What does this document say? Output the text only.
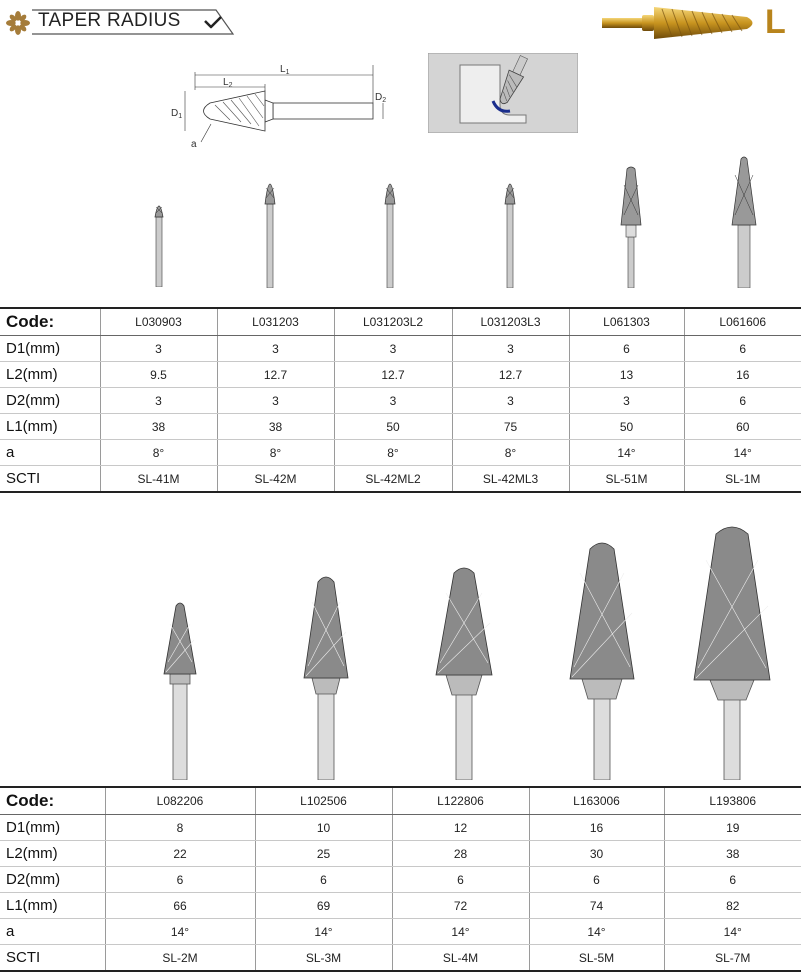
TAPER RADIUS	L
$L_1$
$L_2$
$D_1$
$D_2$
a
Code:	L030903	L031203	L031203L2	L031203L3	L061303	L061606
D1(mm)	3	3	3	3	6	6
L2(mm)	9.5	12.7	12.7	12.7	13	16
D2(mm)	3	3	3	3	3	6
L1(mm)	38	38	50	75	50	60
a	8°	8°	8°	8°	14°	14°
SCTI	SL-41M	SL-42M	SL-42ML2	SL-42ML3	SL-51M	SL-1M
Code:	L082206	L102506	L122806	L163006	L193806
D1(mm)	8	10	12	16	19
L2(mm)	22	25	28	30	38
D2(mm)	6	6	6	6	6
L1(mm)	66	69	72	74	82
a	14°	14°	14°	14°	14°
SCTI	SL-2M	SL-3M	SL-4M	SL-5M	SL-7M
